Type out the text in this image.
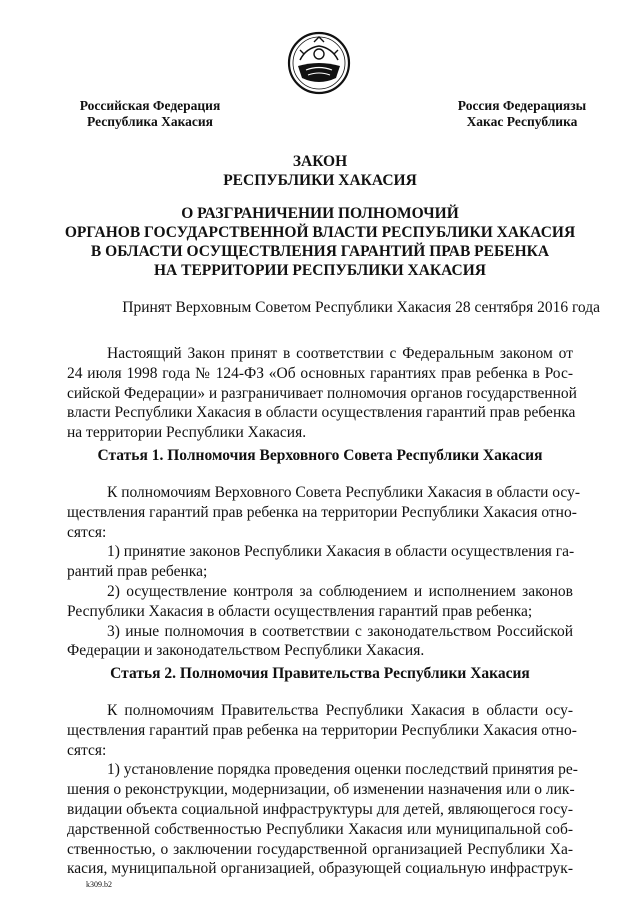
Российская Федерация
Республика Хакасия
Россия Федерациязы
Хакас Республика
ЗАКОН
РЕСПУБЛИКИ ХАКАСИЯ
О РАЗГРАНИЧЕНИИ ПОЛНОМОЧИЙ
ОРГАНОВ ГОСУДАРСТВЕННОЙ ВЛАСТИ РЕСПУБЛИКИ ХАКАСИЯ
В ОБЛАСТИ ОСУЩЕСТВЛЕНИЯ ГАРАНТИЙ ПРАВ РЕБЕНКА
НА ТЕРРИТОРИИ РЕСПУБЛИКИ ХАКАСИЯ
Принят Верховным Советом Республики Хакасия 28 сентября 2016 года
Настоящий Закон принят в соответствии с Федеральным законом от
24 июля 1998 года № 124-ФЗ «Об основных гарантиях прав ребенка в Рос-
сийской Федерации» и разграничивает полномочия органов государственной
власти Республики Хакасия в области осуществления гарантий прав ребенка
на территории Республики Хакасия.
Статья 1. Полномочия Верховного Совета Республики Хакасия
К полномочиям Верховного Совета Республики Хакасия в области осу-
ществления гарантий прав ребенка на территории Республики Хакасия отно-
сятся:
1) принятие законов Республики Хакасия в области осуществления га-
рантий прав ребенка;
2) осуществление контроля за соблюдением и исполнением законов
Республики Хакасия в области осуществления гарантий прав ребенка;
3) иные полномочия в соответствии с законодательством Российской
Федерации и законодательством Республики Хакасия.
Статья 2. Полномочия Правительства Республики Хакасия
К полномочиям Правительства Республики Хакасия в области осу-
ществления гарантий прав ребенка на территории Республики Хакасия отно-
сятся:
1) установление порядка проведения оценки последствий принятия ре-
шения о реконструкции, модернизации, об изменении назначения или о лик-
видации объекта социальной инфраструктуры для детей, являющегося госу-
дарственной собственностью Республики Хакасия или муниципальной соб-
ственностью, о заключении государственной организацией Республики Ха-
касия, муниципальной организацией, образующей социальную инфраструк-
k309.b2
